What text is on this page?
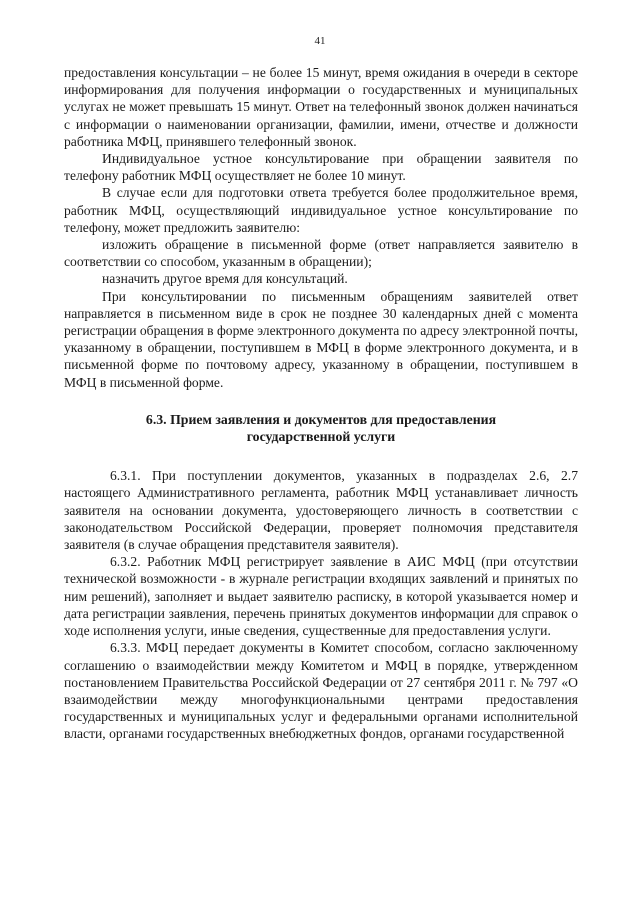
41

предоставления консультации – не более 15 минут, время ожидания в очереди в секторе информирования для получения информации о государственных и муниципальных услугах не может превышать 15 минут. Ответ на телефонный звонок должен начинаться с информации о наименовании организации, фамилии, имени, отчестве и должности работника МФЦ, принявшего телефонный звонок.

Индивидуальное устное консультирование при обращении заявителя по телефону работник МФЦ осуществляет не более 10 минут.

В случае если для подготовки ответа требуется более продолжительное время, работник МФЦ, осуществляющий индивидуальное устное консультирование по телефону, может предложить заявителю:

изложить обращение в письменной форме (ответ направляется заявителю в соответствии со способом, указанным в обращении);

назначить другое время для консультаций.

При консультировании по письменным обращениям заявителей ответ направляется в письменном виде в срок не позднее 30 календарных дней с момента регистрации обращения в форме электронного документа по адресу электронной почты, указанному в обращении, поступившем в МФЦ в форме электронного документа, и в письменной форме по почтовому адресу, указанному в обращении, поступившем в МФЦ в письменной форме.

6.3. Прием заявления и документов для предоставления
государственной услуги

6.3.1. При поступлении документов, указанных в подразделах 2.6, 2.7 настоящего Административного регламента, работник МФЦ устанавливает личность заявителя на основании документа, удостоверяющего личность в соответствии с законодательством Российской Федерации, проверяет полномочия представителя заявителя (в случае обращения представителя заявителя).

6.3.2. Работник МФЦ регистрирует заявление в АИС МФЦ (при отсутствии технической возможности - в журнале регистрации входящих заявлений и принятых по ним решений), заполняет и выдает заявителю расписку, в которой указывается номер и дата регистрации заявления, перечень принятых документов информации для справок о ходе исполнения услуги, иные сведения, существенные для предоставления услуги.

6.3.3. МФЦ передает документы в Комитет способом, согласно заключенному соглашению о взаимодействии между Комитетом и МФЦ в порядке, утвержденном постановлением Правительства Российской Федерации от 27 сентября 2011 г. № 797 «О взаимодействии между многофункциональными центрами предоставления государственных и муниципальных услуг и федеральными органами исполнительной власти, органами государственных внебюджетных фондов, органами государственной
